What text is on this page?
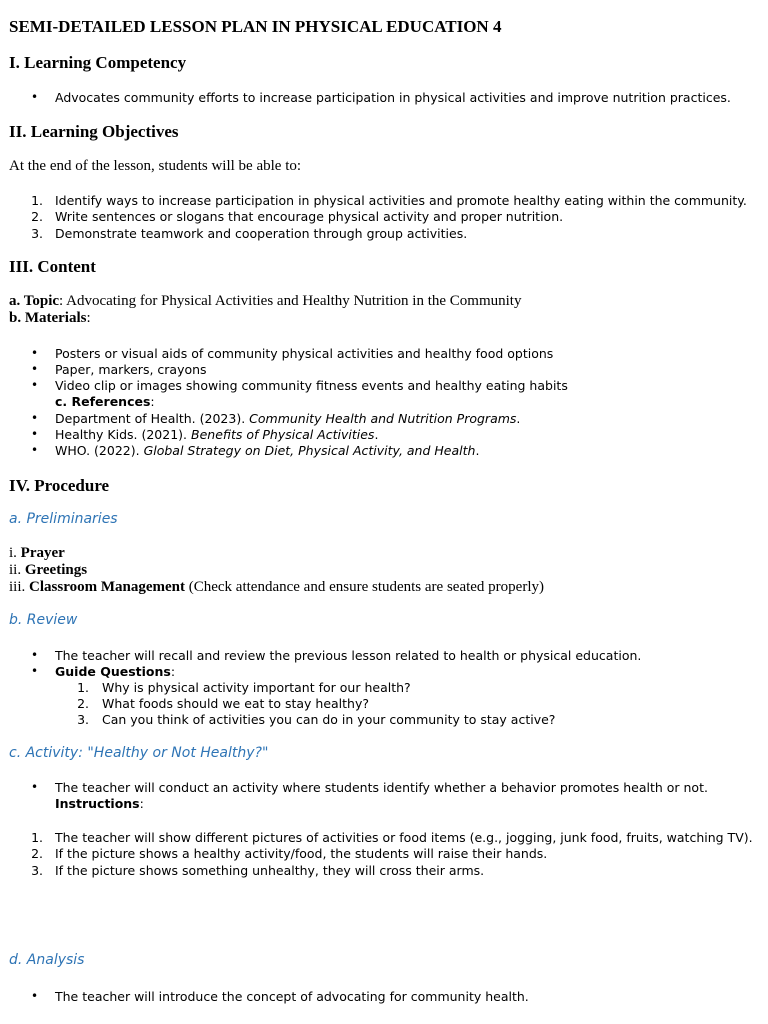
SEMI-DETAILED LESSON PLAN IN PHYSICAL EDUCATION 4
I. Learning Competency
• Advocates community efforts to increase participation in physical activities and improve nutrition practices.
II. Learning Objectives
At the end of the lesson, students will be able to:
1. Identify ways to increase participation in physical activities and promote healthy eating within the community.
2. Write sentences or slogans that encourage physical activity and proper nutrition.
3. Demonstrate teamwork and cooperation through group activities.
III. Content
a. Topic: Advocating for Physical Activities and Healthy Nutrition in the Community
b. Materials:
• Posters or visual aids of community physical activities and healthy food options
• Paper, markers, crayons
• Video clip or images showing community fitness events and healthy eating habits
c. References:
• Department of Health. (2023). Community Health and Nutrition Programs.
• Healthy Kids. (2021). Benefits of Physical Activities.
• WHO. (2022). Global Strategy on Diet, Physical Activity, and Health.
IV. Procedure
a. Preliminaries
i. Prayer
ii. Greetings
iii. Classroom Management (Check attendance and ensure students are seated properly)
b. Review
• The teacher will recall and review the previous lesson related to health or physical education.
• Guide Questions:
1. Why is physical activity important for our health?
2. What foods should we eat to stay healthy?
3. Can you think of activities you can do in your community to stay active?
c. Activity: "Healthy or Not Healthy?"
• The teacher will conduct an activity where students identify whether a behavior promotes health or not.
Instructions:
1. The teacher will show different pictures of activities or food items (e.g., jogging, junk food, fruits, watching TV).
2. If the picture shows a healthy activity/food, the students will raise their hands.
3. If the picture shows something unhealthy, they will cross their arms.
d. Analysis
• The teacher will introduce the concept of advocating for community health.
